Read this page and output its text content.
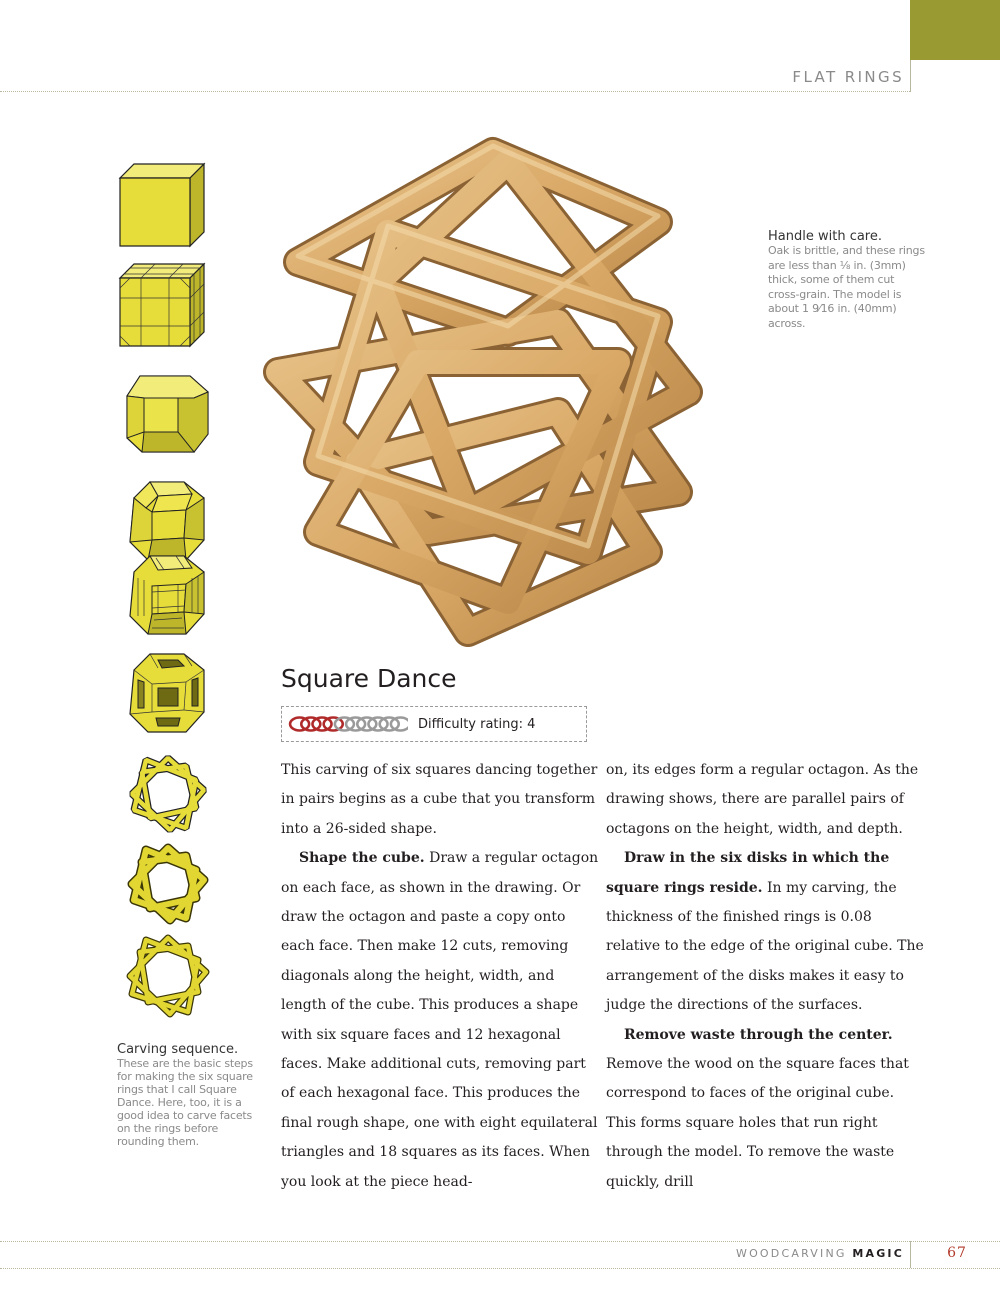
FLAT RINGS
Carving sequence.
These are the basic steps for making the six square rings that I call Square Dance. Here, too, it is a good idea to carve facets on the rings before rounding them.
Handle with care.
Oak is brittle, and these rings are less than ⅛ in. (3mm) thick, some of them cut cross-grain. The model is about 1 9⁄16 in. (40mm) across.
Square Dance
Difficulty rating: 4

This carving of six squares dancing together in pairs begins as a cube that you transform into a 26-sided shape.

Shape the cube. Draw a regular octagon on each face, as shown in the drawing. Or draw the octagon and paste a copy onto each face. Then make 12 cuts, removing diagonals along the height, width, and length of the cube. This produces a shape with six square faces and 12 hexagonal faces. Make additional cuts, removing part of each hexagonal face. This produces the final rough shape, one with eight equilateral triangles and 18 squares as its faces. When you look at the piece head-

on, its edges form a regular octagon. As the drawing shows, there are parallel pairs of octagons on the height, width, and depth.

Draw in the six disks in which the square rings reside. In my carving, the thickness of the finished rings is 0.08 relative to the edge of the original cube. The arrangement of the disks makes it easy to judge the directions of the surfaces.

Remove waste through the center. Remove the wood on the square faces that correspond to faces of the original cube. This forms square holes that run right through the model. To remove the waste quickly, drill

WOODCARVING MAGIC	67
